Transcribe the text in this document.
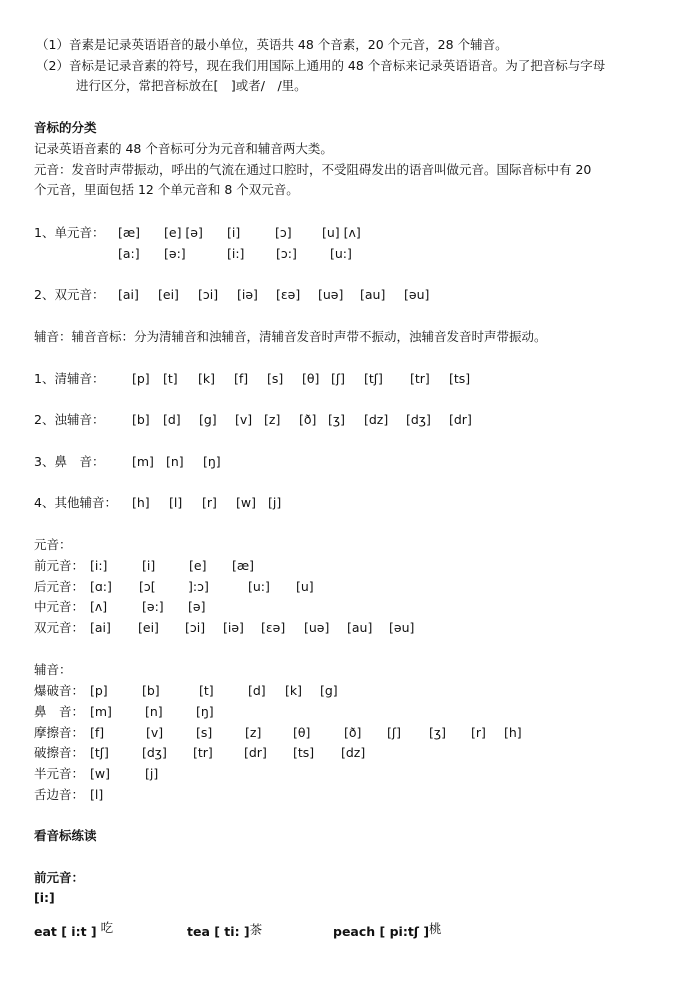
（1）音素是记录英语语音的最小单位，英语共 48 个音素，20 个元音，28 个辅音。
（2）音标是记录音素的符号，现在我们用国际上通用的 48 个音标来记录英语语音。为了把音标与字母
进行区分，常把音标放在[　]或者/　/里。
音标的分类
记录英语音素的 48 个音标可分为元音和辅音两大类。
元音：发音时声带振动，呼出的气流在通过口腔时，不受阻碍发出的语音叫做元音。国际音标中有 20
个元音，里面包括 12 个单元音和 8 个双元音。
1、单元音： [æ] [e] [ə] [i]	[ɔ] [u] [ʌ]
[a:] [ə:]	[i:]	[ɔ:]	[u:]
2、双元音： [ai] [ei] [ɔi] [iə] [εə] [uə] [au] [əu]
辅音：辅音音标：分为清辅音和浊辅音，清辅音发音时声带不振动，浊辅音发音时声带振动。
1、清辅音： [p] [t] [k] [f] [s] [θ] [ʃ] [tʃ] [tr] [ts]
2、浊辅音： [b] [d] [g] [v] [z] [ð] [ʒ] [dz] [dʒ] [dr]
3、鼻　音： [m] [n] [ŋ]
4、其他辅音： [h] [l] [r] [w] [j]
元音：
前元音： [i:]	[i]	[e] [æ]
后元音： [ɑ:] [ɔ[	]:ɔ]	[u:] [u]
中元音： [ʌ]	[ə:] [ə]
双元音： [ai] [ei] [ɔi] [iə] [εə] [uə] [au] [əu]
辅音：
爆破音： [p]	[b]	[t]	[d] [k] [g]
鼻　音： [m]	[n]	[ŋ]
摩擦音： [f]	[v]	[s]	[z]	[θ]	[ð] [ʃ] [ʒ] [r] [h]
破擦音： [tʃ]	[dʒ] [tr] [dr] [ts] [dz]
半元音： [w]	[j]
舌边音： [l]
看音标练读
前元音：
[i:]
eat [ i:t ] 吃	tea [ ti: ]茶	peach [ pi:tʃ ]桃
